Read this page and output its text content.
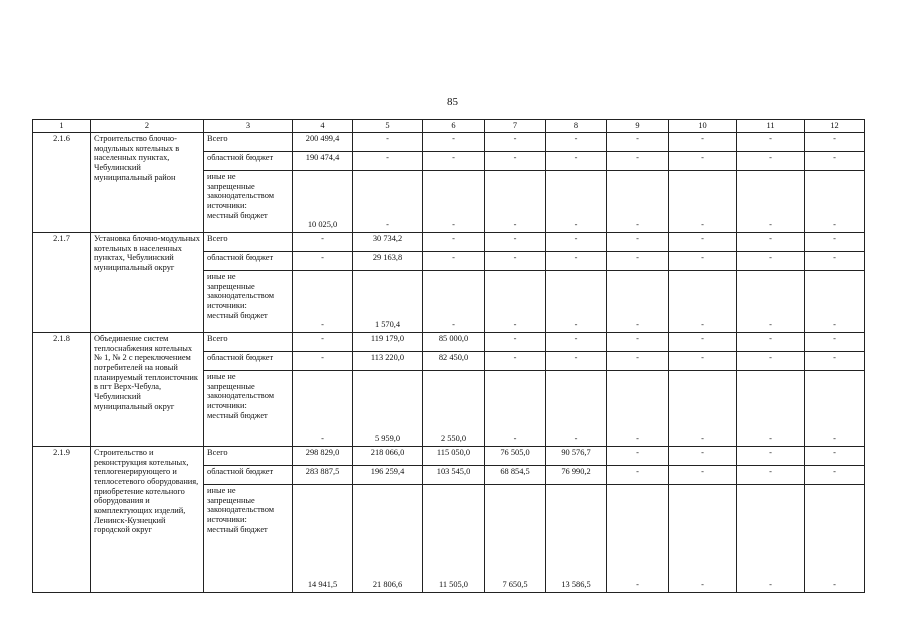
85
1	2	3	4	5	6	7	8	9	10	11	12
2.1.6	Строительство блочно-модульных котельных в населенных пунктах, Чебулинский муниципальный район	Всего	200 499,4	-	-	-	-	-	-	-	-
		областной бюджет	190 474,4	-	-	-	-	-	-	-	-

		иные не
запрещенные
законодательством
источники:
местный бюджет	10 025,0	-	-	-	-	-	-	-	-
2.1.7	Установка блочно-модульных котельных в населенных пунктах, Чебулинский муниципальный округ	Всего	-	30 734,2	-	-	-	-	-	-	-
		областной бюджет	-	29 163,8	-	-	-	-	-	-	-

		иные не
запрещенные
законодательством
источники:
местный бюджет	-	1 570,4	-	-	-	-	-	-	-
2.1.8	Объединение систем теплоснабжения котельных № 1, № 2 с переключением потребителей на новый планируемый теплоисточник в пгт Верх-Чебула, Чебулинский муниципальный округ	Всего	-	119 179,0	85 000,0	-	-	-	-	-	-
		областной бюджет	-	113 220,0	82 450,0	-	-	-	-	-	-

		иные не
запрещенные
законодательством
источники:
местный бюджет	-	5 959,0	2 550,0	-	-	-	-	-	-
2.1.9	Строительство и реконструкция котельных, теплогенерирующего и теплосетевого оборудования, приобретение котельного оборудования и комплектующих изделий, Ленинск-Кузнецкий городской округ	Всего	298 829,0	218 066,0	115 050,0	76 505,0	90 576,7	-	-	-	-
		областной бюджет	283 887,5	196 259,4	103 545,0	68 854,5	76 990,2	-	-	-	-

		иные не
запрещенные
законодательством
источники:
местный бюджет	14 941,5	21 806,6	11 505,0	7 650,5	13 586,5	-	-	-	-
